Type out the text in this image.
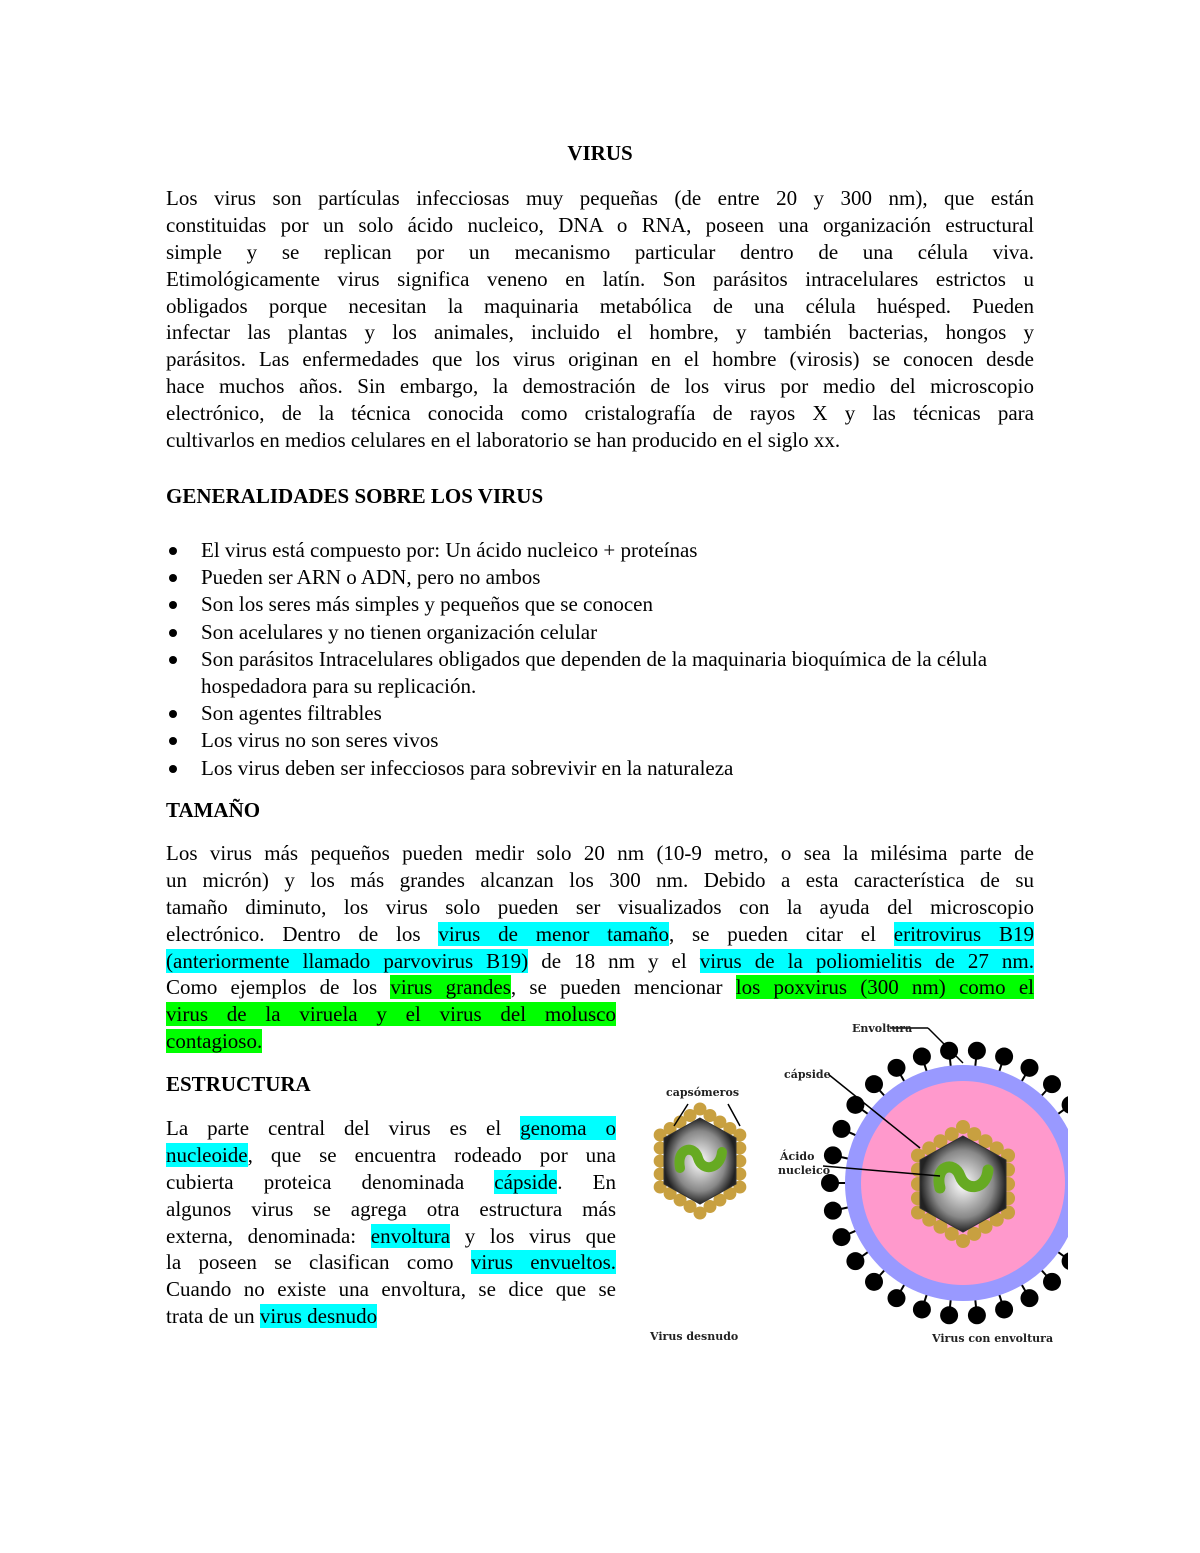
VIRUS
Los virus son partículas infecciosas muy pequeñas (de entre 20 y 300 nm), que están
constituidas por un solo ácido nucleico, DNA o RNA, poseen una organización estructural
simple y se replican por un mecanismo particular dentro de una célula viva.
Etimológicamente virus significa veneno en latín. Son parásitos intracelulares estrictos u
obligados porque necesitan la maquinaria metabólica de una célula huésped. Pueden
infectar las plantas y los animales, incluido el hombre, y también bacterias, hongos y
parásitos. Las enfermedades que los virus originan en el hombre (virosis) se conocen desde
hace muchos años. Sin embargo, la demostración de los virus por medio del microscopio
electrónico, de la técnica conocida como cristalografía de rayos X y las técnicas para
cultivarlos en medios celulares en el laboratorio se han producido en el siglo xx.
GENERALIDADES SOBRE LOS VIRUS
El virus está compuesto por: Un ácido nucleico + proteínas
Pueden ser ARN o ADN, pero no ambos
Son los seres más simples y pequeños que se conocen
Son acelulares y no tienen organización celular
Son parásitos Intracelulares obligados que dependen de la maquinaria bioquímica de la célula hospedadora para su replicación.
Son agentes filtrables
Los virus no son seres vivos
Los virus deben ser infecciosos para sobrevivir en la naturaleza
TAMAÑO
Los virus más pequeños pueden medir solo 20 nm (10-9 metro, o sea la milésima parte de
un micrón) y los más grandes alcanzan los 300 nm. Debido a esta característica de su
tamaño diminuto, los virus solo pueden ser visualizados con la ayuda del microscopio
electrónico. Dentro de los virus de menor tamaño, se pueden citar el eritrovirus B19
(anteriormente llamado parvovirus B19) de 18 nm y el virus de la poliomielitis de 27 nm.
Como ejemplos de los virus grandes, se pueden mencionar los poxvirus (300 nm) como el
virus de la viruela y el virus del molusco
contagioso.
ESTRUCTURA
La parte central del virus es el genoma o
nucleoide, que se encuentra rodeado por una
cubierta proteica denominada cápside. En
algunos virus se agrega otra estructura más
externa, denominada: envoltura y los virus que
la poseen se clasifican como virus envueltos.
Cuando no existe una envoltura, se dice que se
trata de un virus desnudo
Envoltura
cápside
capsómeros
Ácido
nucleico
Virus desnudo	Virus con envoltura
